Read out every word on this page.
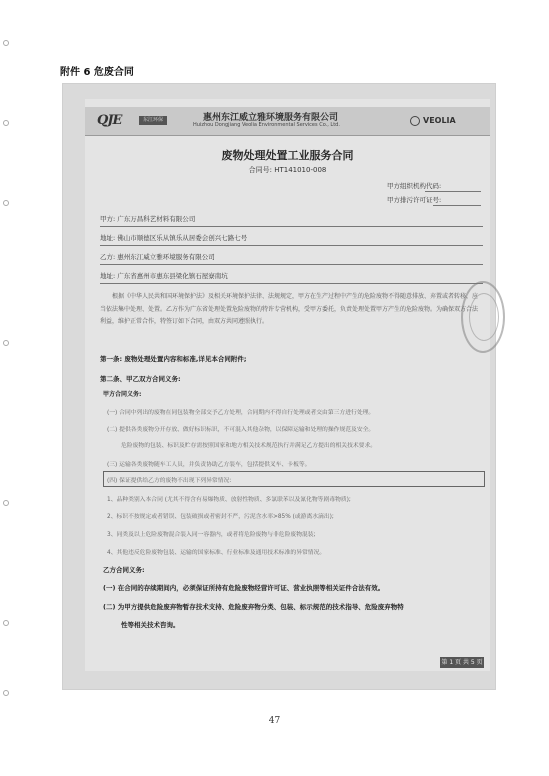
附件 6 危废合同
QJE	东江环保	惠州东江威立雅环境服务有限公司
Huizhou Dongjiang Veolia Environmental Services Co., Ltd.	VEOLIA
废物处理处置工业服务合同
合同号: HT141010-008
甲方组织机构代码:
甲方排污许可证号:
甲方: 广东万昌科艺材料有限公司
地址: 佛山市顺德区乐从镇乐从居委会创兴七路七号
乙方: 惠州东江威立雅环境服务有限公司
地址: 广东省惠州市惠东县梁化镇石屋寮南坑
根据《中华人民共和国环境保护法》及相关环境保护法律、法规规定，甲方在生产过程中产生的危险废物不得随意排放、弃置或者转移，应当依法集中处理、处置。乙方作为广东省处理处置危险废物的特许专营机构，受甲方委托，负责处理处置甲方产生的危险废物。为确保双方合法利益，维护正常合作，特签订如下合同，由双方共同遵照执行。
第一条: 废物处理处置内容和标准,详见本合同附件;
第二条、甲乙双方合同义务:
甲方合同义务:
(一) 合同中列出的废物在同包装物全部交予乙方处理，合同期内不得自行处理或者交由第三方进行处理。
(二) 提供各类废物分开存放、做好标识标识，不可混入其他杂物，以保障运输和处理的操作规范及安全。
危险废物的包装、标识及贮存需按照国家和地方相关技术规范执行并满足乙方提出的相关技术要求。
(三) 运输各类废物随车工人员，并负责协助乙方装车，包括提供叉车、卡板等。
(四) 保证提供给乙方的废物不出现下列异常情况:
1、品种类别入本合同 (尤其不得含有易爆物质、放射性物质、多氯联苯以及氰化物等剧毒物质);
2、标识不按规定或者错误、包装破损或者密封不严，污泥含水率>85% (或游离水滴出);
3、同类及以上危险废物混合装入同一容器内，或者将危险废物与非危险废物混装;
4、其他违反危险废物包装、运输的国家标准、行业标准及通用技术标准的异常情况。
乙方合同义务:
(一) 在合同的存续期间内，必须保证所持有危险废物经营许可证、营业执照等相关证件合法有效。
(二) 为甲方提供危险废弃物暂存技术支持、危险废弃物分类、包装、标示规范的技术指导、危险废弃物特
性等相关技术咨询。
第 1 页 共 5 页
47
